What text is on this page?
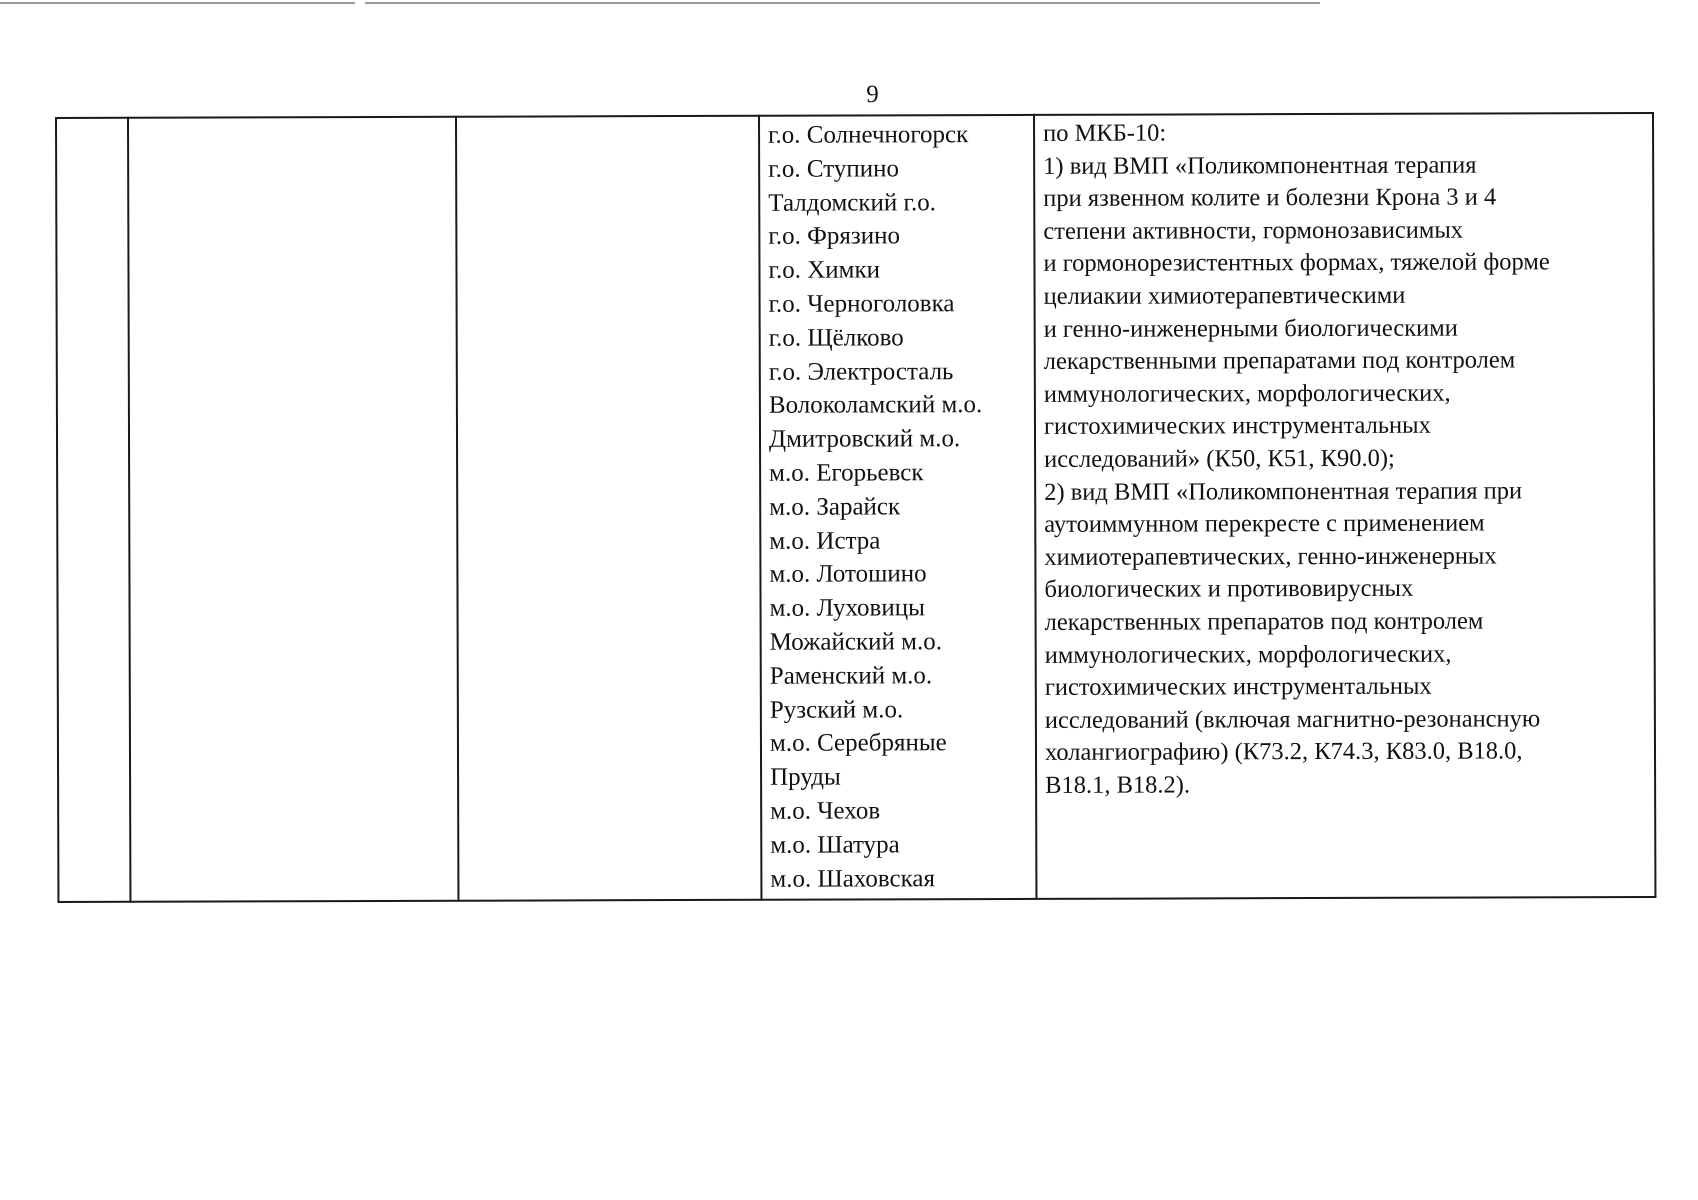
9

г.о. Солнечногорск
г.о. Ступино
Талдомский г.о.
г.о. Фрязино
г.о. Химки
г.о. Черноголовка
г.о. Щёлково
г.о. Электросталь
Волоколамский м.о.
Дмитровский м.о.
м.о. Егорьевск
м.о. Зарайск
м.о. Истра
м.о. Лотошино
м.о. Луховицы
Можайский м.о.
Раменский м.о.
Рузский м.о.
м.о. Серебряные
Пруды
м.о. Чехов
м.о. Шатура
м.о. Шаховская

по МКБ-10:
1) вид ВМП «Поликомпонентная терапия
при язвенном колите и болезни Крона 3 и 4
степени активности, гормонозависимых
и гормонорезистентных формах, тяжелой форме
целиакии химиотерапевтическими
и генно-инженерными биологическими
лекарственными препаратами под контролем
иммунологических, морфологических,
гистохимических инструментальных
исследований» (К50, К51, К90.0);
2) вид ВМП «Поликомпонентная терапия при
аутоиммунном перекресте с применением
химиотерапевтических, генно-инженерных
биологических и противовирусных
лекарственных препаратов под контролем
иммунологических, морфологических,
гистохимических инструментальных
исследований (включая магнитно-резонансную
холангиографию) (К73.2, К74.3, К83.0, В18.0,
В18.1, В18.2).
